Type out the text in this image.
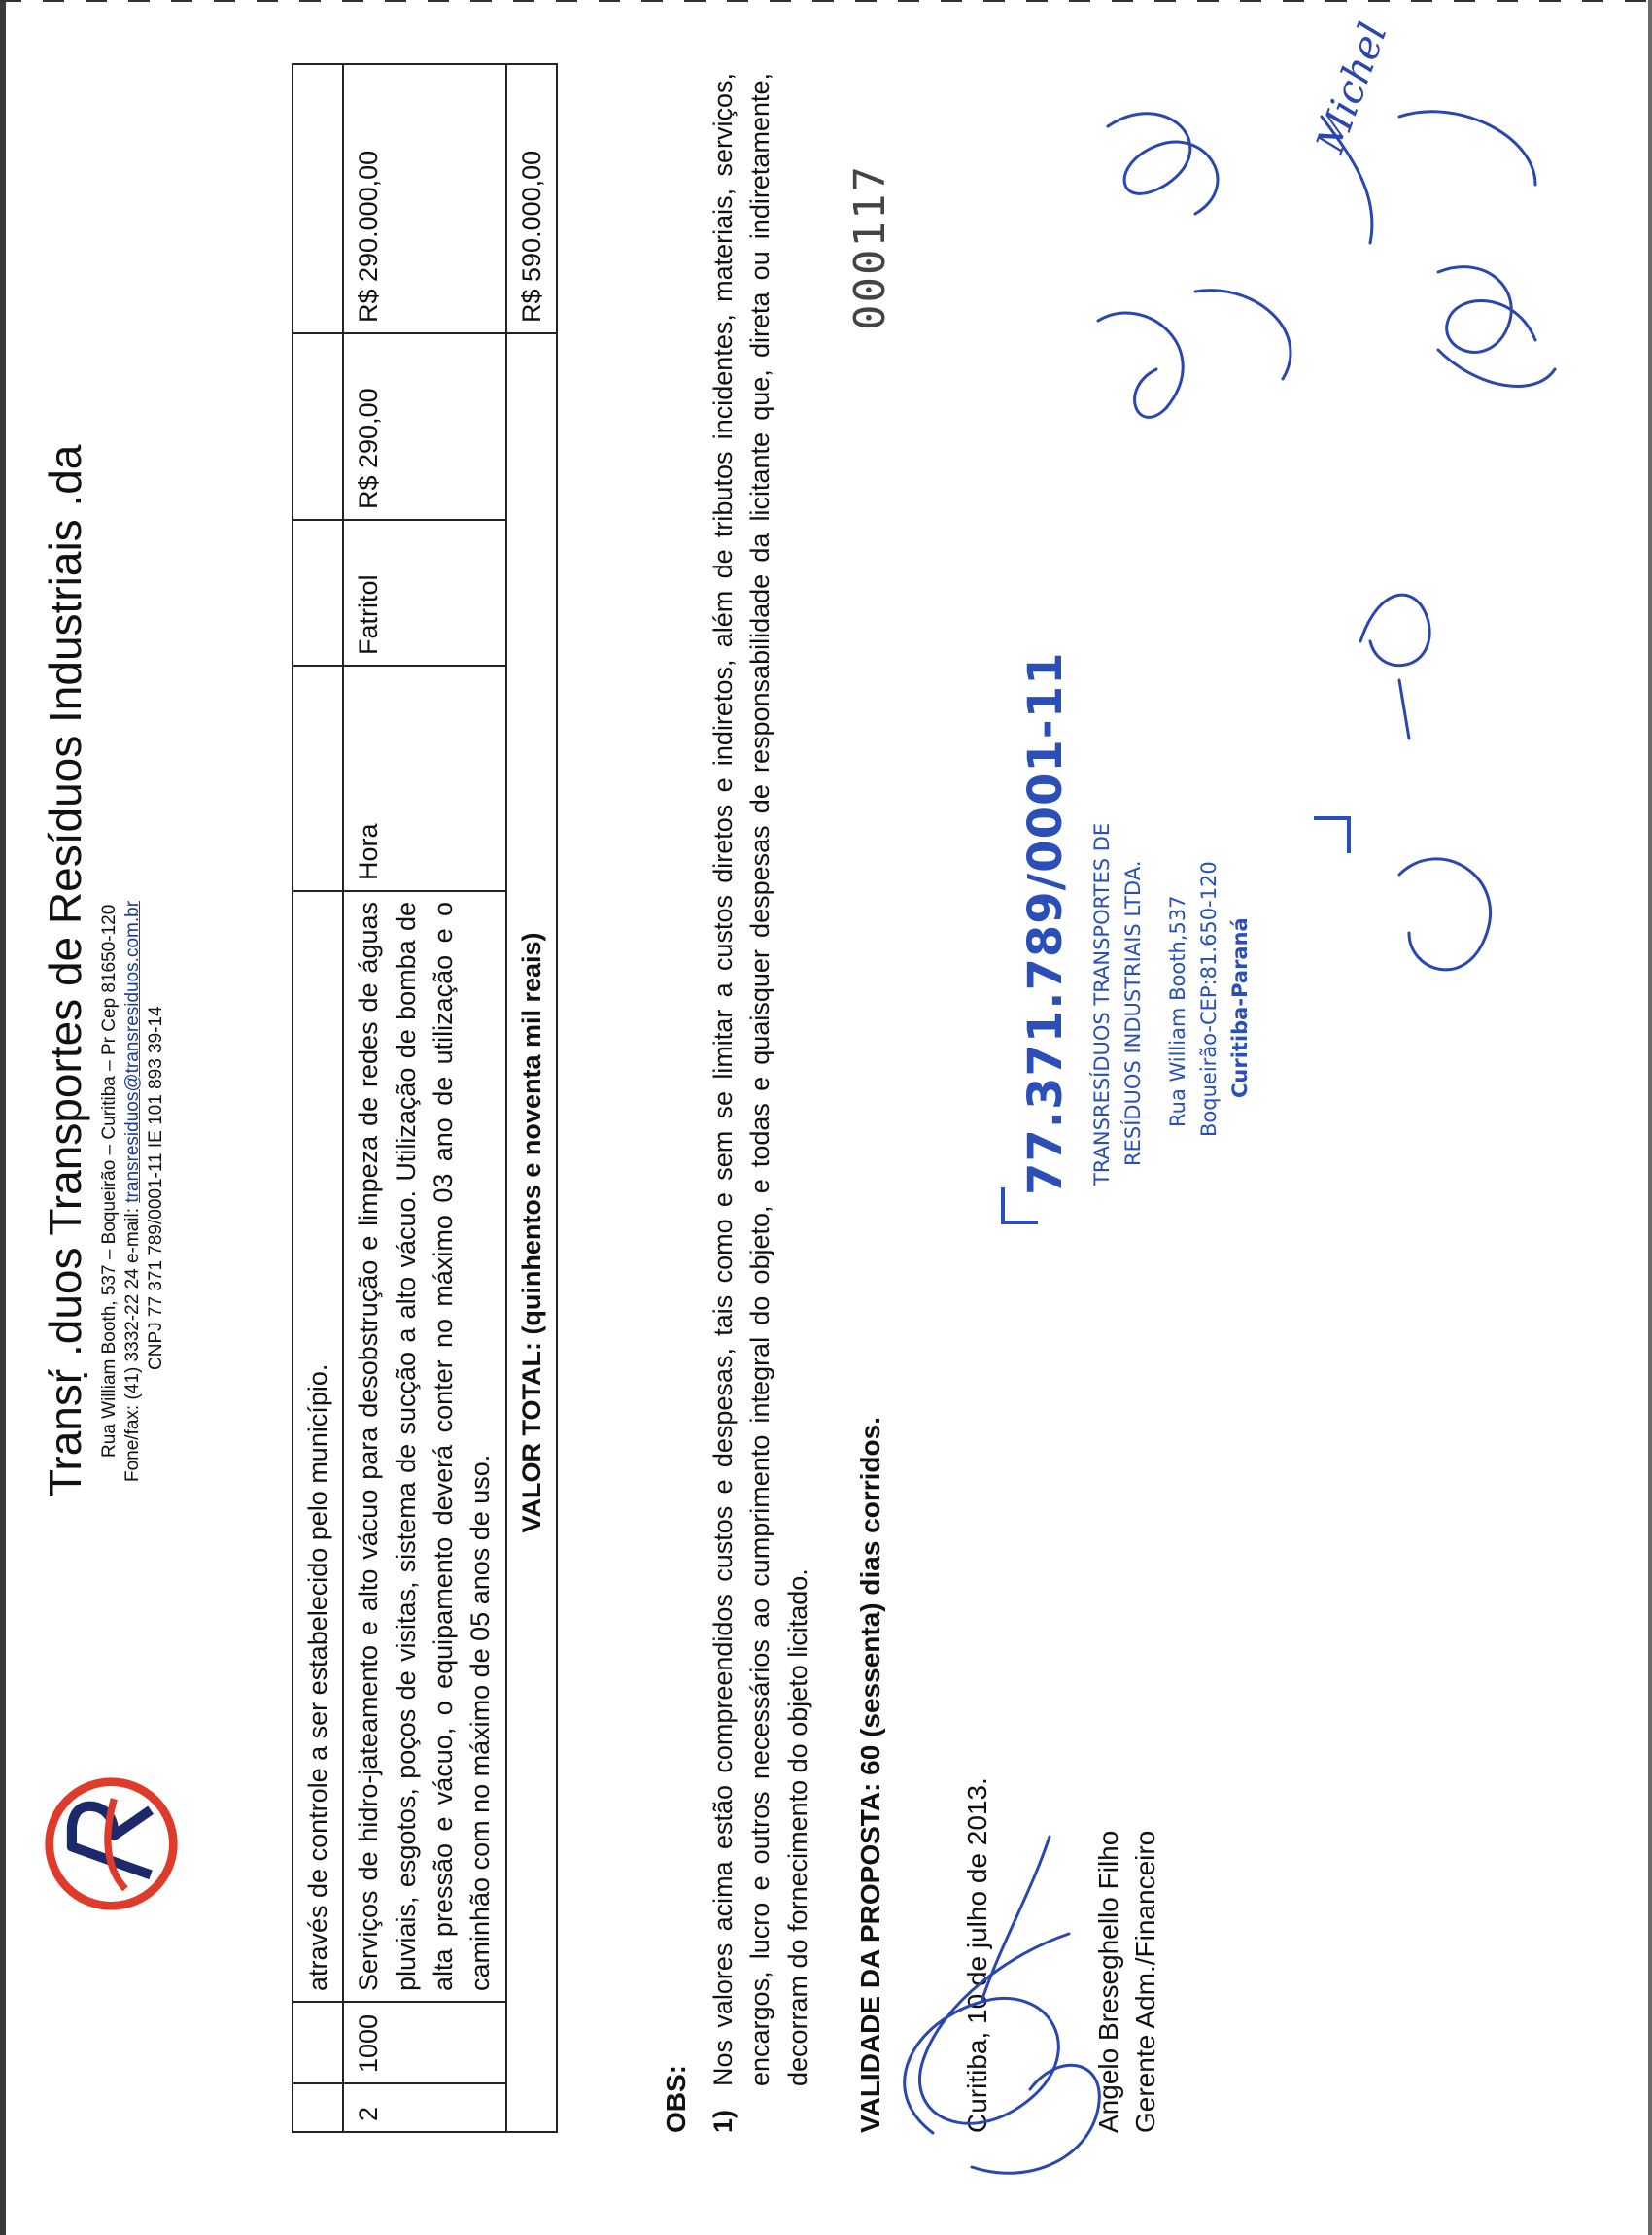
Transṛ́ .duos Transportes de Resíduos Industriais .da Rua William Booth, 537 – Boqueirão – Curitiba – Pr Cep 81650-120 Fone/fax: (41) 3332-22 24 e-mail: transresiduos@transresiduos.com.br CNPJ 77 371 789/0001-11 IE 101 893 39-14
		através de controle a ser estabelecido pelo município.				
2	1000	Serviços de hidro-jateamento e alto vácuo para desobstrução e limpeza de redes de águas pluviais, esgotos, poços de visitas, sistema de sucção a alto vácuo. Utilização de bomba de alta pressão e vácuo, o equipamento deverá conter no máximo 03 ano de utilização e o caminhão com no máximo de 05 anos de uso.	Hora	Fatritol	R$ 290,00	R$ 290.000,00
VALOR TOTAL: (quinhentos e noventa mil reais)						R$ 590.000,00
OBS: 1)
Nos valores acima estão compreendidos custos e despesas, tais como e sem se limitar a custos diretos e indiretos, além de tributos incidentes, materiais, serviços, encargos, lucro e outros necessários ao cumprimento integral do objeto, e todas e quaisquer despesas de responsabilidade da licitante que, direta ou indiretamente, decorram do fornecimento do objeto licitado. VALIDADE DA PROPOSTA: 60 (sessenta) dias corridos.	Curitiba, 10 de julho de 2013.	Angelo Breseghello Filho Gerente Adm./Financeiro
000117
77.371.789/0001-11 TRANSRESÍDUOS TRANSPORTES DE RESÍDUOS INDUSTRIAIS LTDA. Rua William Booth,537 Boqueirão-CEP:81.650-120 Curitiba-Paraná
Michel
